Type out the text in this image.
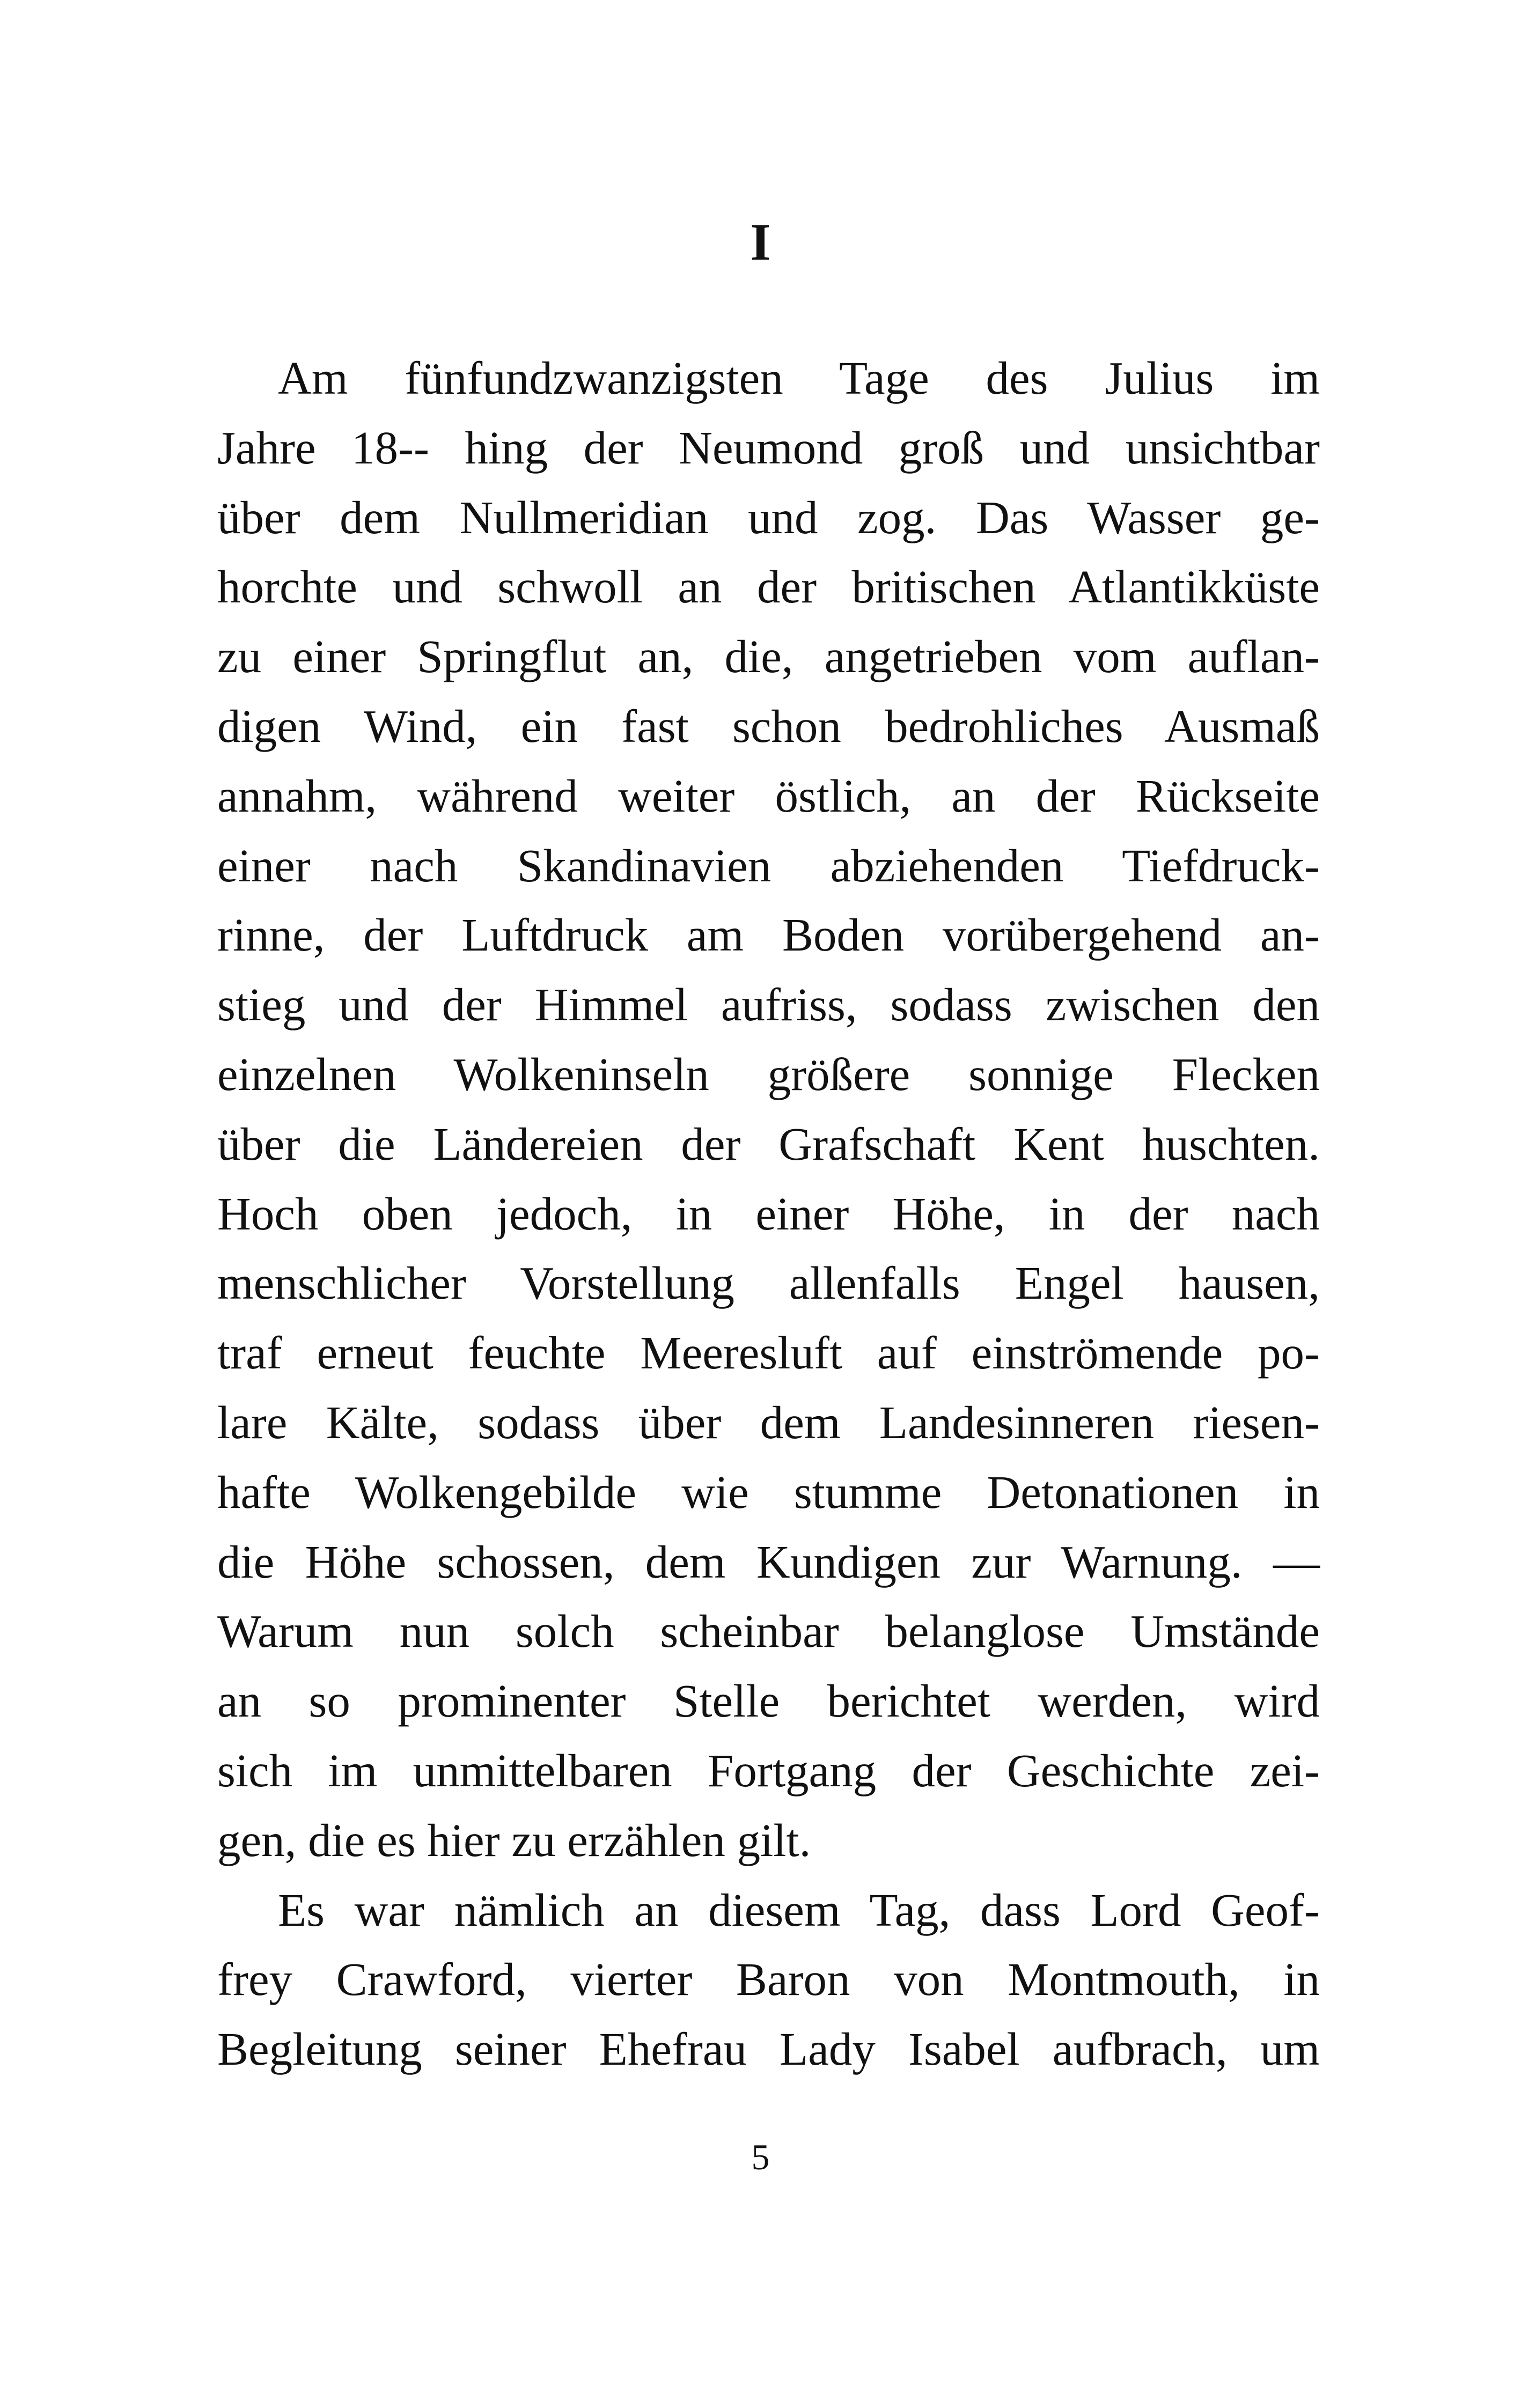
I
Am fünfundzwanzigsten Tage des Julius im
Jahre 18-- hing der Neumond groß und unsichtbar
über dem Nullmeridian und zog. Das Wasser ge-
horchte und schwoll an der britischen Atlantikküste
zu einer Springflut an, die, angetrieben vom auflan-
digen Wind, ein fast schon bedrohliches Ausmaß
annahm, während weiter östlich, an der Rückseite
einer nach Skandinavien abziehenden Tiefdruck-
rinne, der Luftdruck am Boden vorübergehend an-
stieg und der Himmel aufriss, sodass zwischen den
einzelnen Wolkeninseln größere sonnige Flecken
über die Ländereien der Grafschaft Kent huschten.
Hoch oben jedoch, in einer Höhe, in der nach
menschlicher Vorstellung allenfalls Engel hausen,
traf erneut feuchte Meeresluft auf einströmende po-
lare Kälte, sodass über dem Landesinneren riesen-
hafte Wolkengebilde wie stumme Detonationen in
die Höhe schossen, dem Kundigen zur Warnung. —
Warum nun solch scheinbar belanglose Umstände
an so prominenter Stelle berichtet werden, wird
sich im unmittelbaren Fortgang der Geschichte zei-
gen, die es hier zu erzählen gilt.
Es war nämlich an diesem Tag, dass Lord Geof-
frey Crawford, vierter Baron von Montmouth, in
Begleitung seiner Ehefrau Lady Isabel aufbrach, um
5
